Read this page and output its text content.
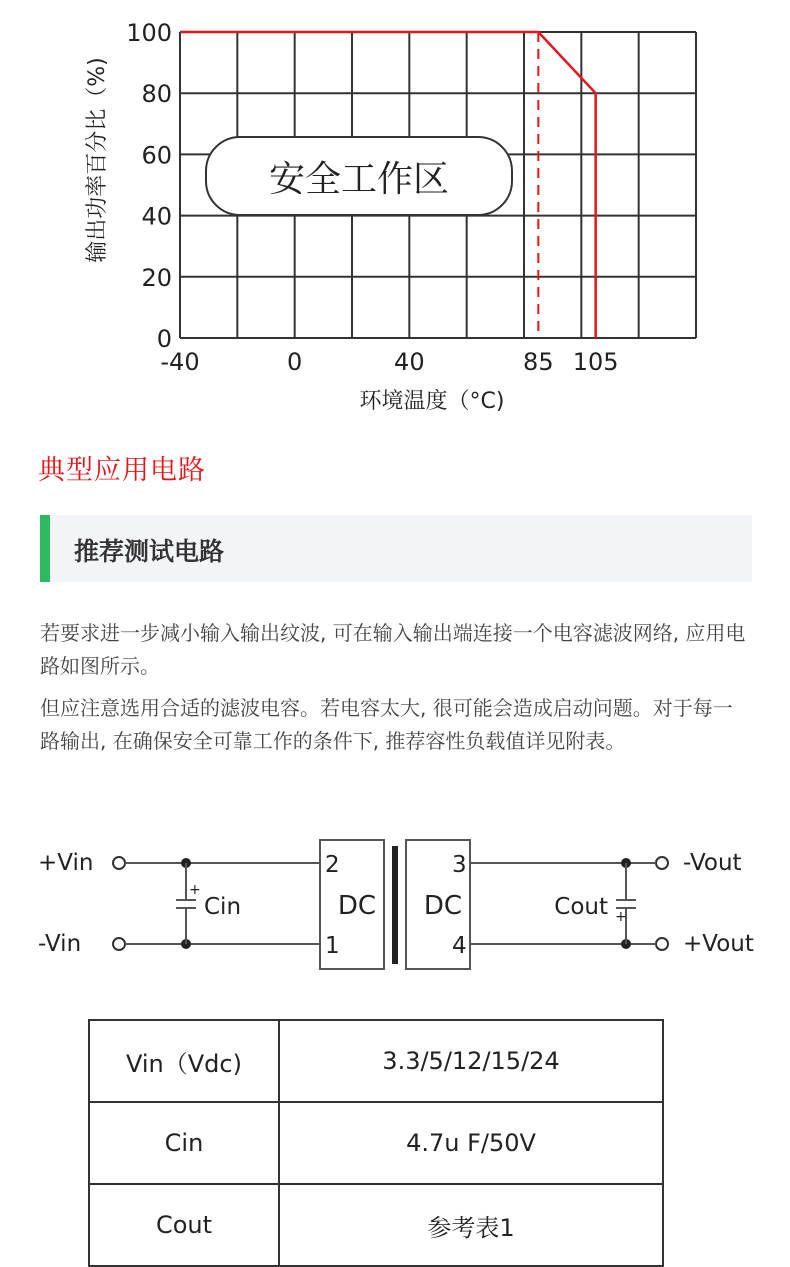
安全工作区
输出功率百分比（%)
环境温度（°C)
0
20
40
60
80
100
-40	0	40	85 105
典型应用电路
推荐测试电路
若要求进一步减小输入输出纹波, 可在输入输出端连接一个电容滤波网络, 应用电路如图所示。
但应注意选用合适的滤波电容。若电容太大, 很可能会造成启动问题。对于每一路输出, 在确保安全可靠工作的条件下, 推荐容性负载值详见附表。
+
Cin
2
1
3
4
DC DC	+
Cout
+Vin
-Vin
-Vout
+Vout
Vin（Vdc)	3.3/5/12/15/24
Cin	4.7u F/50V
Cout	参考表1
